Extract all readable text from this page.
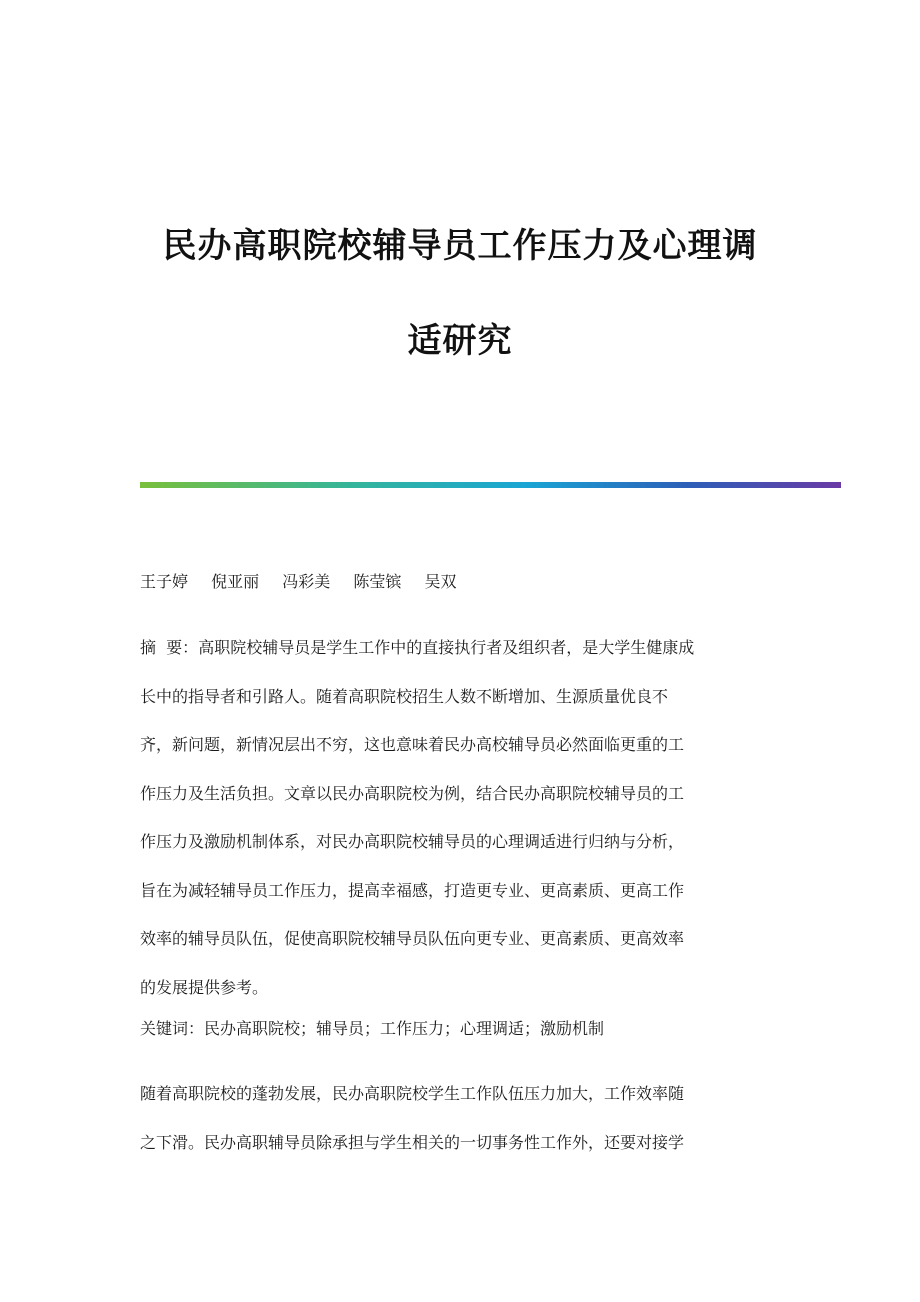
民办高职院校辅导员工作压力及心理调
适研究

王子婷 倪亚丽 冯彩美 陈莹镔 吴双

摘  要：高职院校辅导员是学生工作中的直接执行者及组织者，是大学生健康成
长中的指导者和引路人。随着高职院校招生人数不断增加、生源质量优良不
齐，新问题，新情况层出不穷，这也意味着民办高校辅导员必然面临更重的工
作压力及生活负担。文章以民办高职院校为例，结合民办高职院校辅导员的工
作压力及激励机制体系，对民办高职院校辅导员的心理调适进行归纳与分析，
旨在为减轻辅导员工作压力，提高幸福感，打造更专业、更高素质、更高工作
效率的辅导员队伍，促使高职院校辅导员队伍向更专业、更高素质、更高效率
的发展提供参考。

关键词：民办高职院校；辅导员；工作压力；心理调适；激励机制

随着高职院校的蓬勃发展，民办高职院校学生工作队伍压力加大，工作效率随
之下滑。民办高职辅导员除承担与学生相关的一切事务性工作外，还要对接学
